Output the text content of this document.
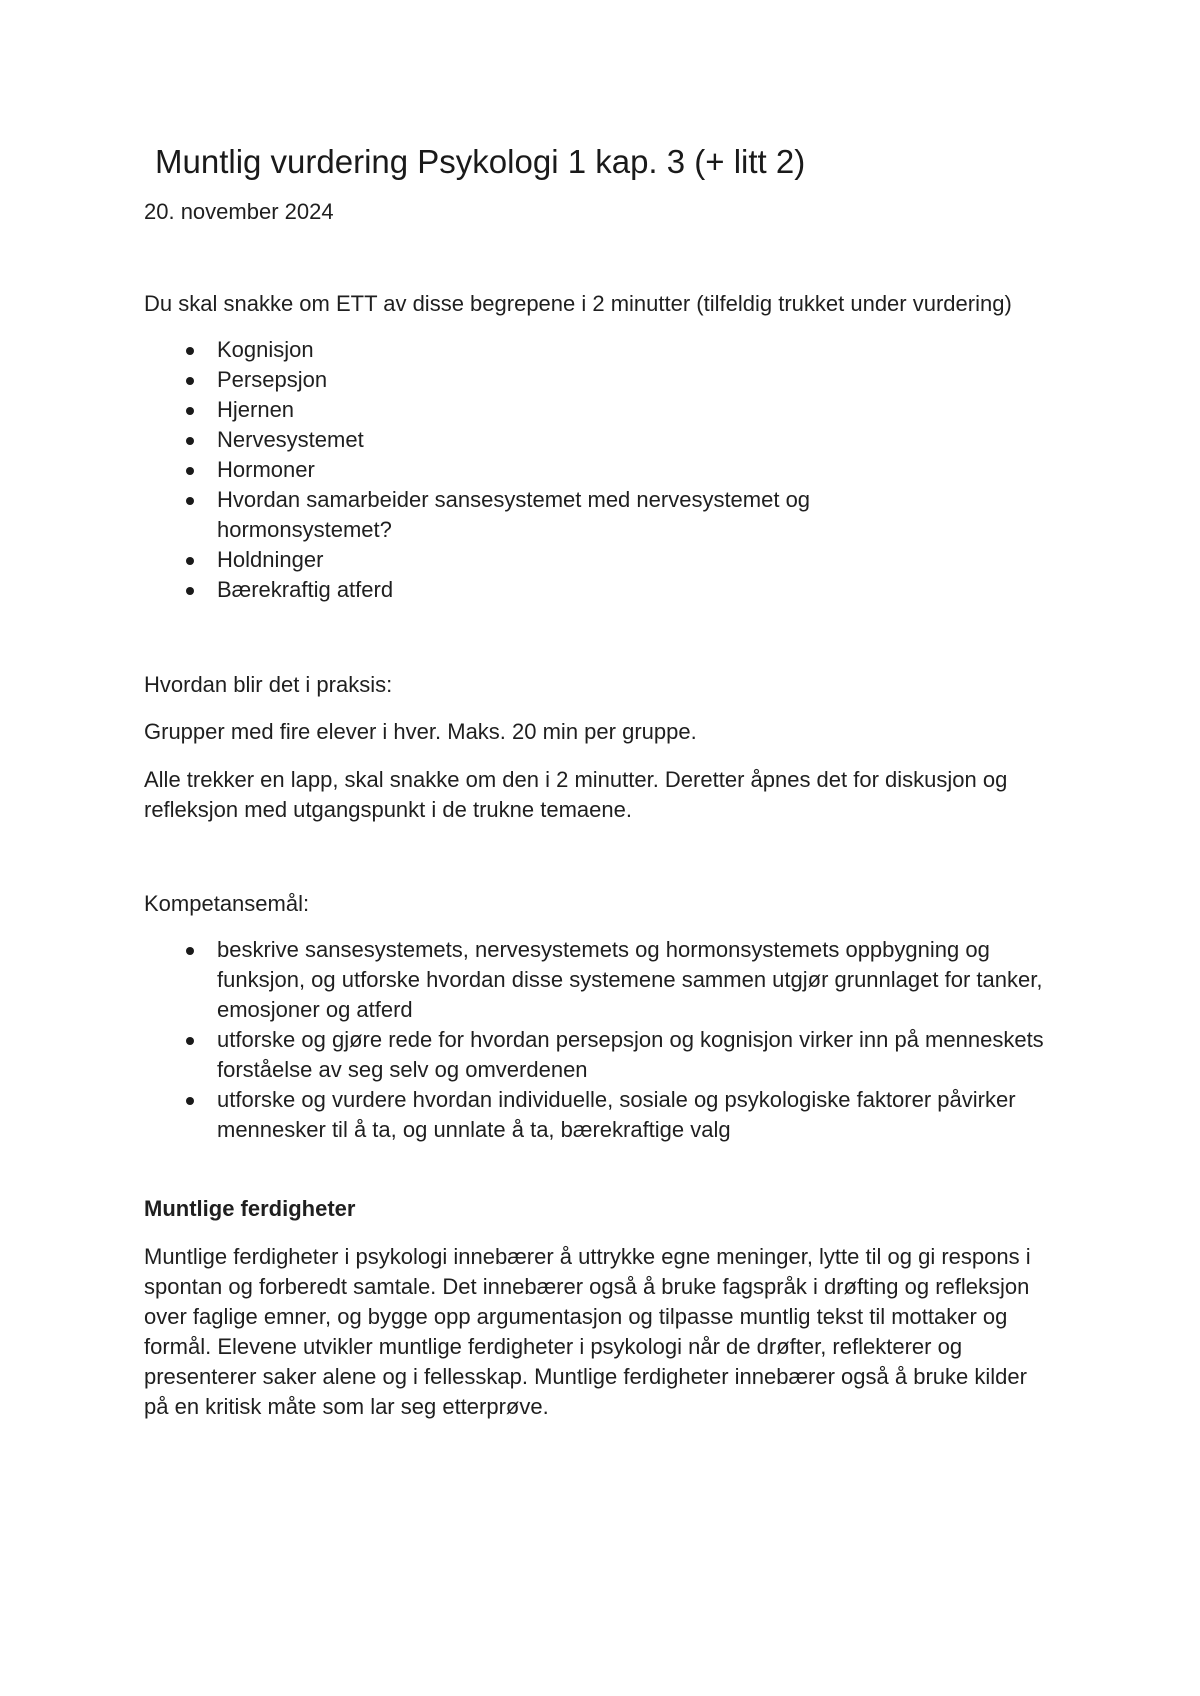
Muntlig vurdering Psykologi 1 kap. 3 (+ litt 2)

20. november 2024

Du skal snakke om ETT av disse begrepene i 2 minutter (tilfeldig trukket under vurdering)

Kognisjon
Persepsjon
Hjernen
Nervesystemet
Hormoner
Hvordan samarbeider sansesystemet med nervesystemet og hormonsystemet?
Holdninger
Bærekraftig atferd

Hvordan blir det i praksis:

Grupper med fire elever i hver. Maks. 20 min per gruppe.

Alle trekker en lapp, skal snakke om den i 2 minutter. Deretter åpnes det for diskusjon og refleksjon med utgangspunkt i de trukne temaene.

Kompetansemål:

beskrive sansesystemets, nervesystemets og hormonsystemets oppbygning og funksjon, og utforske hvordan disse systemene sammen utgjør grunnlaget for tanker, emosjoner og atferd
utforske og gjøre rede for hvordan persepsjon og kognisjon virker inn på menneskets forståelse av seg selv og omverdenen
utforske og vurdere hvordan individuelle, sosiale og psykologiske faktorer påvirker mennesker til å ta, og unnlate å ta, bærekraftige valg

Muntlige ferdigheter

Muntlige ferdigheter i psykologi innebærer å uttrykke egne meninger, lytte til og gi respons i spontan og forberedt samtale. Det innebærer også å bruke fagspråk i drøfting og refleksjon over faglige emner, og bygge opp argumentasjon og tilpasse muntlig tekst til mottaker og formål. Elevene utvikler muntlige ferdigheter i psykologi når de drøfter, reflekterer og presenterer saker alene og i fellesskap. Muntlige ferdigheter innebærer også å bruke kilder på en kritisk måte som lar seg etterprøve.
